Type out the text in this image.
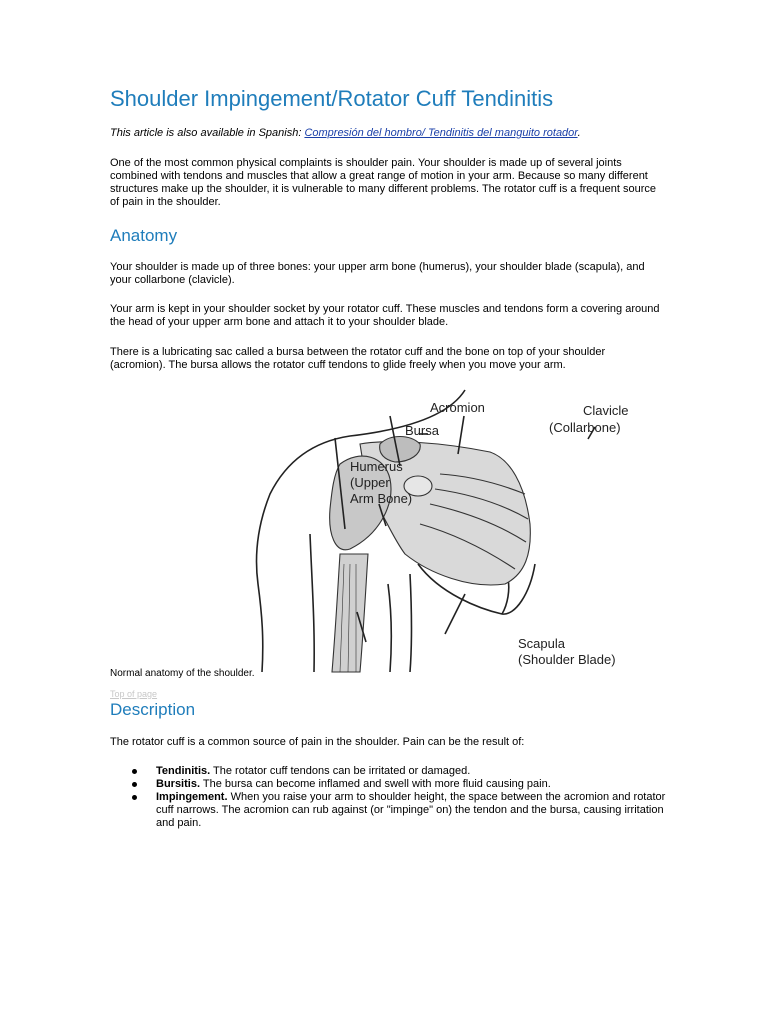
Shoulder Impingement/Rotator Cuff Tendinitis
This article is also available in Spanish: Compresión del hombro/ Tendinitis del manguito rotador.
One of the most common physical complaints is shoulder pain. Your shoulder is made up of several joints combined with tendons and muscles that allow a great range of motion in your arm. Because so many different structures make up the shoulder, it is vulnerable to many different problems. The rotator cuff is a frequent source of pain in the shoulder.
Anatomy
Your shoulder is made up of three bones: your upper arm bone (humerus), your shoulder blade (scapula), and your collarbone (clavicle).
Your arm is kept in your shoulder socket by your rotator cuff. These muscles and tendons form a covering around the head of your upper arm bone and attach it to your shoulder blade.
There is a lubricating sac called a bursa between the rotator cuff and the bone on top of your shoulder (acromion). The bursa allows the rotator cuff tendons to glide freely when you move your arm.
Acromion
Bursa
Clavicle
(Collarbone)
Humerus
(Upper
Arm Bone)
Scapula
(Shoulder Blade)
Normal anatomy of the shoulder.
Top of page
Description
The rotator cuff is a common source of pain in the shoulder. Pain can be the result of:
Tendinitis. The rotator cuff tendons can be irritated or damaged.
Bursitis. The bursa can become inflamed and swell with more fluid causing pain.
Impingement. When you raise your arm to shoulder height, the space between the acromion and rotator cuff narrows. The acromion can rub against (or "impinge" on) the tendon and the bursa, causing irritation and pain.
